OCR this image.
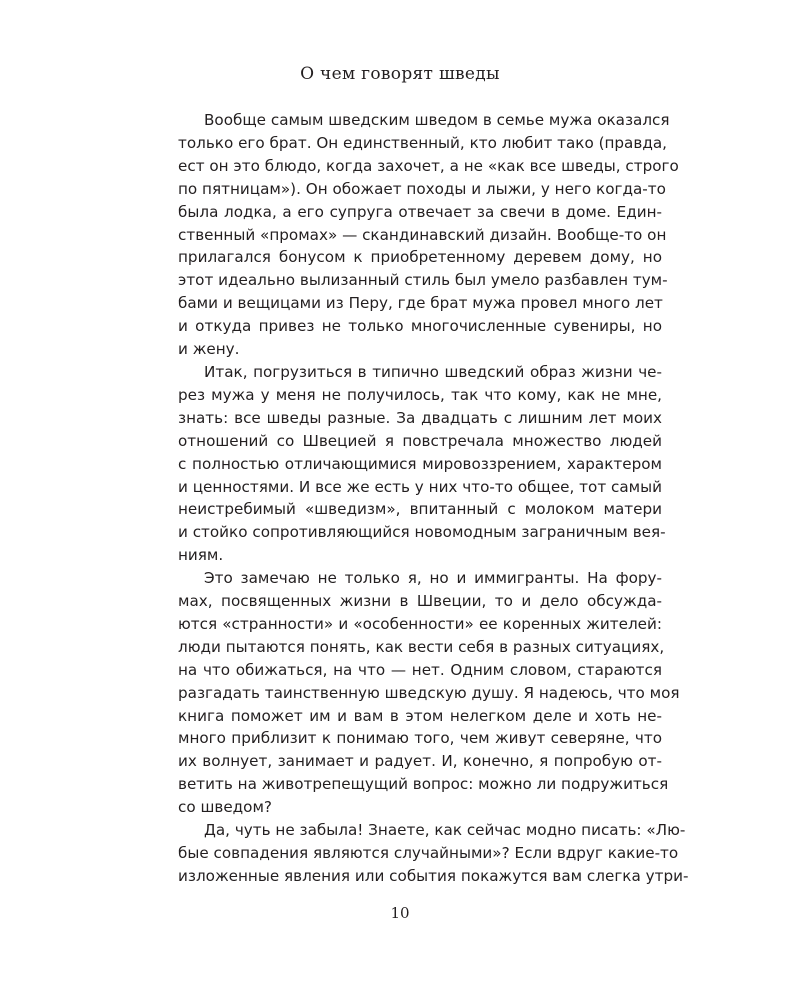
О чем говорят шведы

Вообще самым шведским шведом в семье мужа оказался
только его брат. Он единственный, кто любит тако (правда,
ест он это блюдо, когда захочет, а не «как все шведы, строго
по пятницам»). Он обожает походы и лыжи, у него когда-то
была лодка, а его супруга отвечает за свечи в доме. Един-
ственный «промах» — скандинавский дизайн. Вообще-то он
прилагался бонусом к приобретенному деревем дому, но
этот идеально вылизанный стиль был умело разбавлен тум-
бами и вещицами из Перу, где брат мужа провел много лет
и откуда привез не только многочисленные сувениры, но
и жену.

Итак, погрузиться в типично шведский образ жизни че-
рез мужа у меня не получилось, так что кому, как не мне,
знать: все шведы разные. За двадцать с лишним лет моих
отношений со Швецией я повстречала множество людей
с полностью отличающимися мировоззрением, характером
и ценностями. И все же есть у них что-то общее, тот самый
неистребимый «шведизм», впитанный с молоком матери
и стойко сопротивляющийся новомодным заграничным вея-
ниям.

Это замечаю не только я, но и иммигранты. На фору-
мах, посвященных жизни в Швеции, то и дело обсужда-
ются «странности» и «особенности» ее коренных жителей:
люди пытаются понять, как вести себя в разных ситуациях,
на что обижаться, на что — нет. Одним словом, стараются
разгадать таинственную шведскую душу. Я надеюсь, что моя
книга поможет им и вам в этом нелегком деле и хоть не-
много приблизит к понимаю того, чем живут северяне, что
их волнует, занимает и радует. И, конечно, я попробую от-
ветить на животрепещущий вопрос: можно ли подружиться
со шведом?

Да, чуть не забыла! Знаете, как сейчас модно писать: «Лю-
бые совпадения являются случайными»? Если вдруг какие-то
изложенные явления или события покажутся вам слегка утри-

10
